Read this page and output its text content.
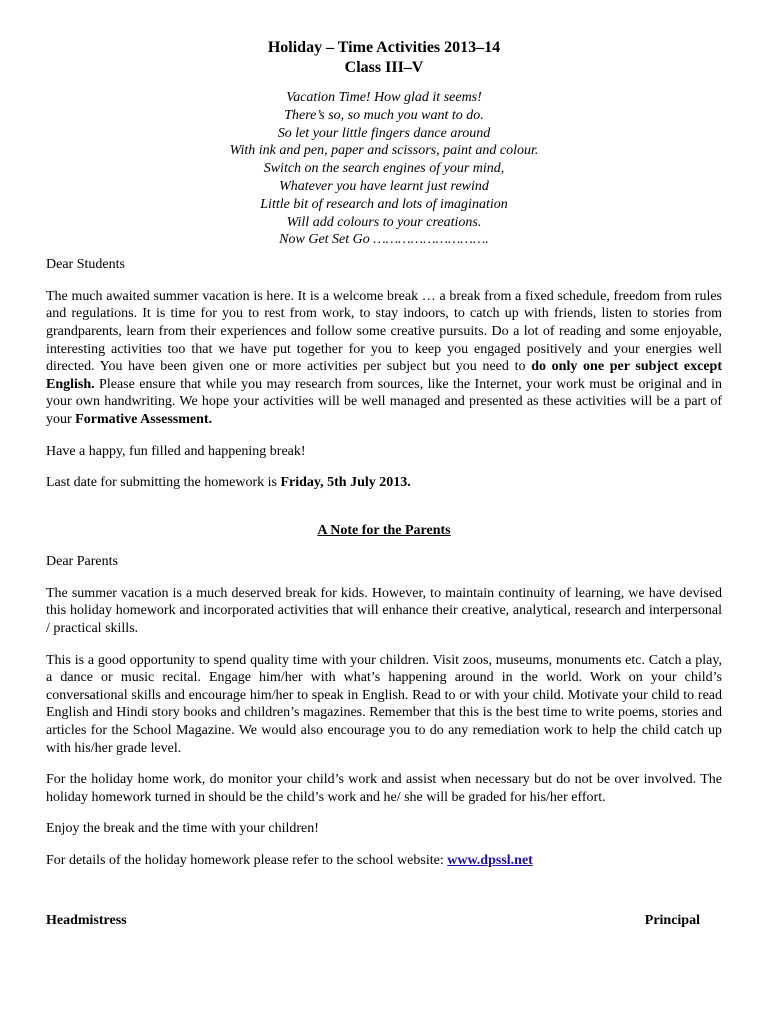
Holiday – Time Activities 2013–14
Class III–V
Vacation Time! How glad it seems!
There’s so, so much you want to do.
So let your little fingers dance around
With ink and pen, paper and scissors, paint and colour.
Switch on the search engines of your mind,
Whatever you have learnt just rewind
Little bit of research and lots of imagination
Will add colours to your creations.
Now Get Set Go ……………………….

Dear Students

The much awaited summer vacation is here. It is a welcome break … a break from a fixed schedule, freedom from rules and regulations. It is time for you to rest from work, to stay indoors, to catch up with friends, listen to stories from grandparents, learn from their experiences and follow some creative pursuits. Do a lot of reading and some enjoyable, interesting activities too that we have put together for you to keep you engaged positively and your energies well directed. You have been given one or more activities per subject but you need to do only one per subject except English. Please ensure that while you may research from sources, like the Internet, your work must be original and in your own handwriting. We hope your activities will be well managed and presented as these activities will be a part of your Formative Assessment.

Have a happy, fun filled and happening break!

Last date for submitting the homework is Friday, 5th July 2013.

A Note for the Parents

Dear Parents

The summer vacation is a much deserved break for kids. However, to maintain continuity of learning, we have devised this holiday homework and incorporated activities that will enhance their creative, analytical, research and interpersonal / practical skills.

This is a good opportunity to spend quality time with your children. Visit zoos, museums, monuments etc. Catch a play, a dance or music recital. Engage him/her with what’s happening around in the world. Work on your child’s conversational skills and encourage him/her to speak in English. Read to or with your child. Motivate your child to read English and Hindi story books and children’s magazines. Remember that this is the best time to write poems, stories and articles for the School Magazine. We would also encourage you to do any remediation work to help the child catch up with his/her grade level.

For the holiday home work, do monitor your child’s work and assist when necessary but do not be over involved. The holiday homework turned in should be the child’s work and he/ she will be graded for his/her effort.

Enjoy the break and the time with your children!

For details of the holiday homework please refer to the school website: www.dpssl.net

Headmistress	Principal
